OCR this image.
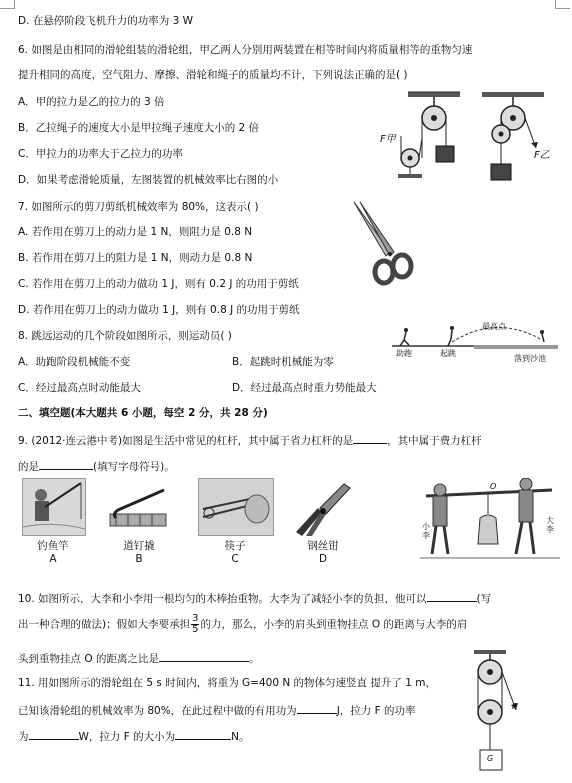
D. 在悬停阶段飞机升力的功率为 3 W
6. 如图是由相同的滑轮组装的滑轮组，甲乙两人分别用两装置在相等时间内将质量相等的重物匀速
提升相同的高度，空气阻力、摩擦、滑轮和绳子的质量均不计，下列说法正确的是( )
A．甲的拉力是乙的拉力的 3 倍
B．乙拉绳子的速度大小是甲拉绳子速度大小的 2 倍
C．甲拉力的功率大于乙拉力的功率
D．如果考虑滑轮质量，左图装置的机械效率比右图的小
F甲
F乙
7. 如图所示的剪刀剪纸机械效率为 80%，这表示( )
A. 若作用在剪刀上的动力是 1 N，则阻力是 0.8 N
B. 若作用在剪刀上的阻力是 1 N，则动力是 0.8 N
C. 若作用在剪刀上的动力做功 1 J，则有 0.2 J 的功用于剪纸
D. 若作用在剪刀上的动力做功 1 J，则有 0.8 J 的功用于剪纸
8. 跳远运动的几个阶段如图所示，则运动员( )
A．助跑阶段机械能不变	B．起跳时机械能为零
C．经过最高点时动能最大	D．经过最高点时重力势能最大
最高点
助跑	起跳
落到沙池
二、填空题(本大题共 6 小题，每空 2 分，共 28 分)
9. (2012·连云港中考)如图是生活中常见的杠杆，其中属于省力杠杆的是	，其中属于费力杠杆
的是	(填写字母符号)。
钓鱼竿
A
道钉撬
B
筷子
C
钢丝钳
D
O
小李
大李
10. 如图所示，大李和小李用一根均匀的木棒抬重物。大李为了减轻小李的负担，他可以	(写
出一种合理的做法)；假如大李要承担 $\frac{3}{5}$ 的力，那么，小李的肩头到重物挂点 O 的距离与大李的肩
头到重物挂点 O 的距离之比是	。
11. 用如图所示的滑轮组在 5 s 时间内，将重为 G=400 N 的物体匀速竖直 提升了 1 m，
已知该滑轮组的机械效率为 80%，在此过程中做的有用功为	J，拉力 F 的功率
为	W，拉力 F 的大小为	N。
F
G
